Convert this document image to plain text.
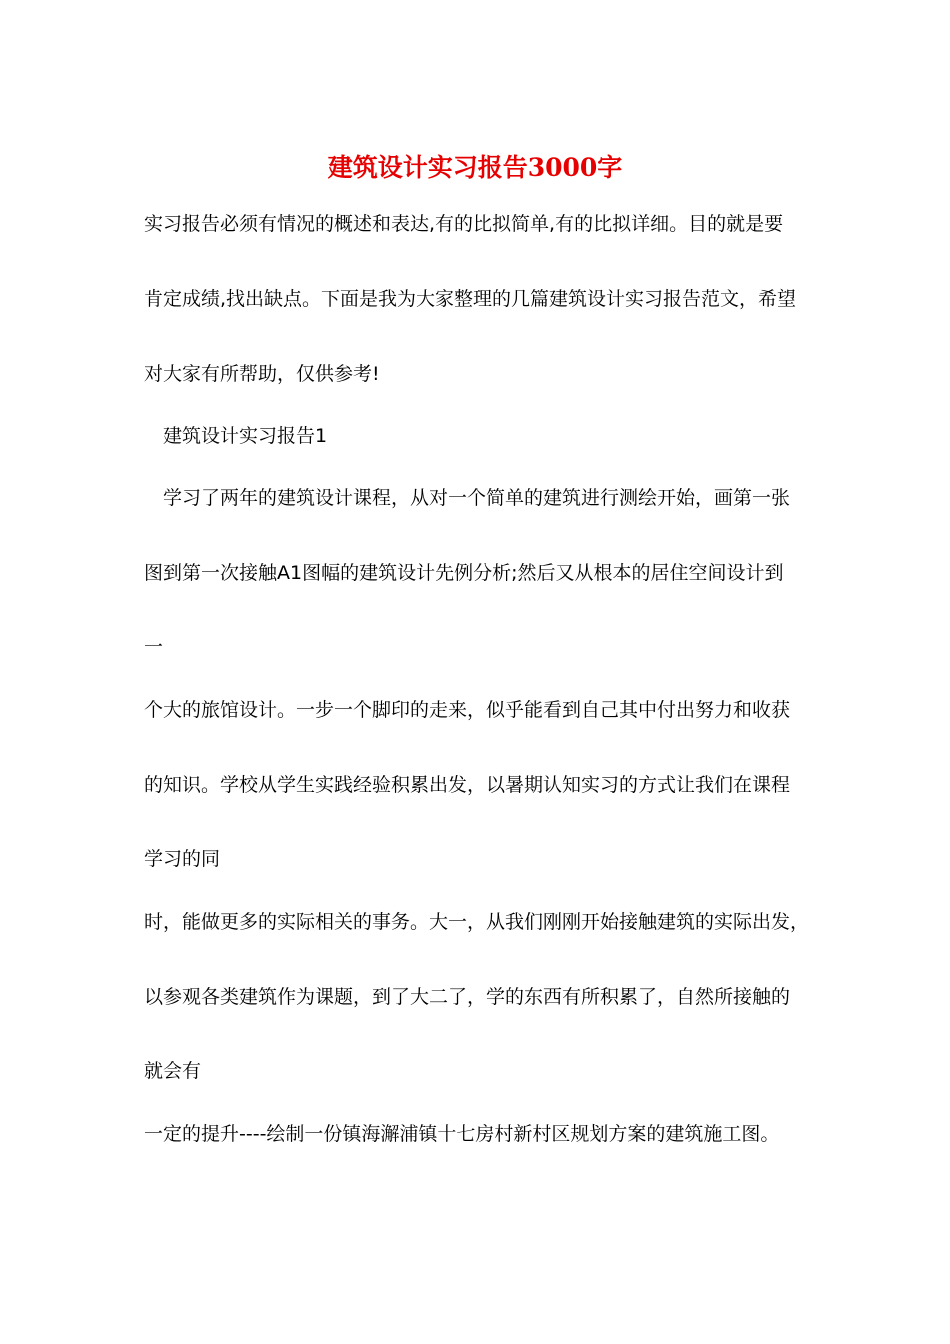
建筑设计实习报告3000字
实习报告必须有情况的概述和表达,有的比拟简单,有的比拟详细。目的就是要
肯定成绩,找出缺点。下面是我为大家整理的几篇建筑设计实习报告范文，希望
对大家有所帮助，仅供参考!
建筑设计实习报告1
学习了两年的建筑设计课程，从对一个简单的建筑进行测绘开始，画第一张
图到第一次接触A1图幅的建筑设计先例分析;然后又从根本的居住空间设计到
一
个大的旅馆设计。一步一个脚印的走来，似乎能看到自己其中付出努力和收获
的知识。学校从学生实践经验积累出发，以暑期认知实习的方式让我们在课程
学习的同
时，能做更多的实际相关的事务。大一，从我们刚刚开始接触建筑的实际出发，
以参观各类建筑作为课题，到了大二了，学的东西有所积累了，自然所接触的
就会有
一定的提升----绘制一份镇海澥浦镇十七房村新村区规划方案的建筑施工图。
